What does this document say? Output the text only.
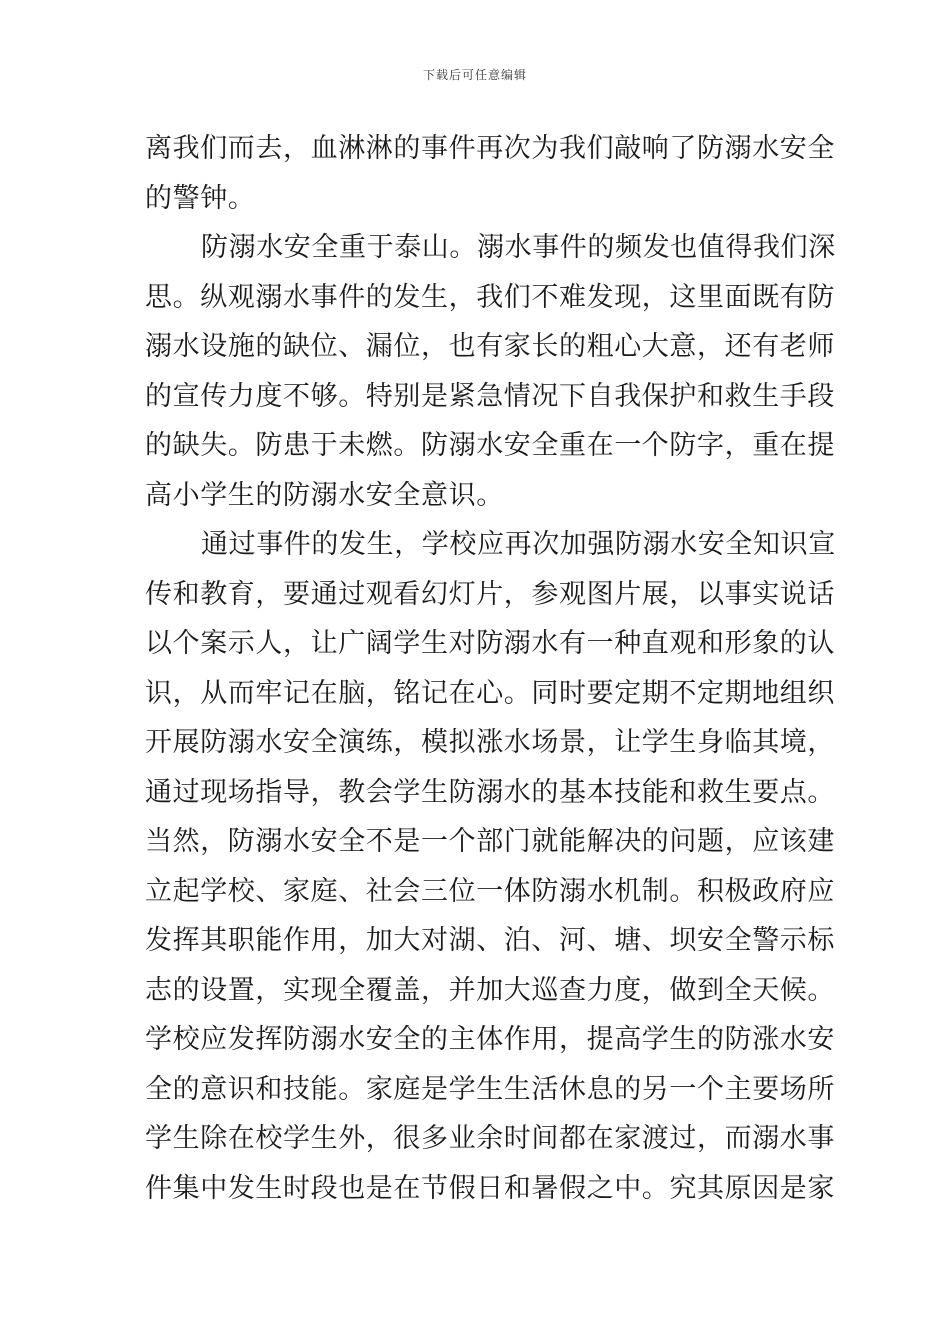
下载后可任意编辑
离我们而去，血淋淋的事件再次为我们敲响了防溺水安全
的警钟。
防溺水安全重于泰山。溺水事件的频发也值得我们深
思。纵观溺水事件的发生，我们不难发现，这里面既有防
溺水设施的缺位、漏位，也有家长的粗心大意，还有老师
的宣传力度不够。特别是紧急情况下自我保护和救生手段
的缺失。防患于未燃。防溺水安全重在一个防字，重在提
高小学生的防溺水安全意识。
通过事件的发生，学校应再次加强防溺水安全知识宣
传和教育，要通过观看幻灯片，参观图片展，以事实说话
以个案示人，让广阔学生对防溺水有一种直观和形象的认
识，从而牢记在脑，铭记在心。同时要定期不定期地组织
开展防溺水安全演练，模拟涨水场景，让学生身临其境，
通过现场指导，教会学生防溺水的基本技能和救生要点。
当然，防溺水安全不是一个部门就能解决的问题，应该建
立起学校、家庭、社会三位一体防溺水机制。积极政府应
发挥其职能作用，加大对湖、泊、河、塘、坝安全警示标
志的设置，实现全覆盖，并加大巡查力度，做到全天候。
学校应发挥防溺水安全的主体作用，提高学生的防涨水安
全的意识和技能。家庭是学生生活休息的另一个主要场所
学生除在校学生外，很多业余时间都在家渡过，而溺水事
件集中发生时段也是在节假日和暑假之中。究其原因是家
